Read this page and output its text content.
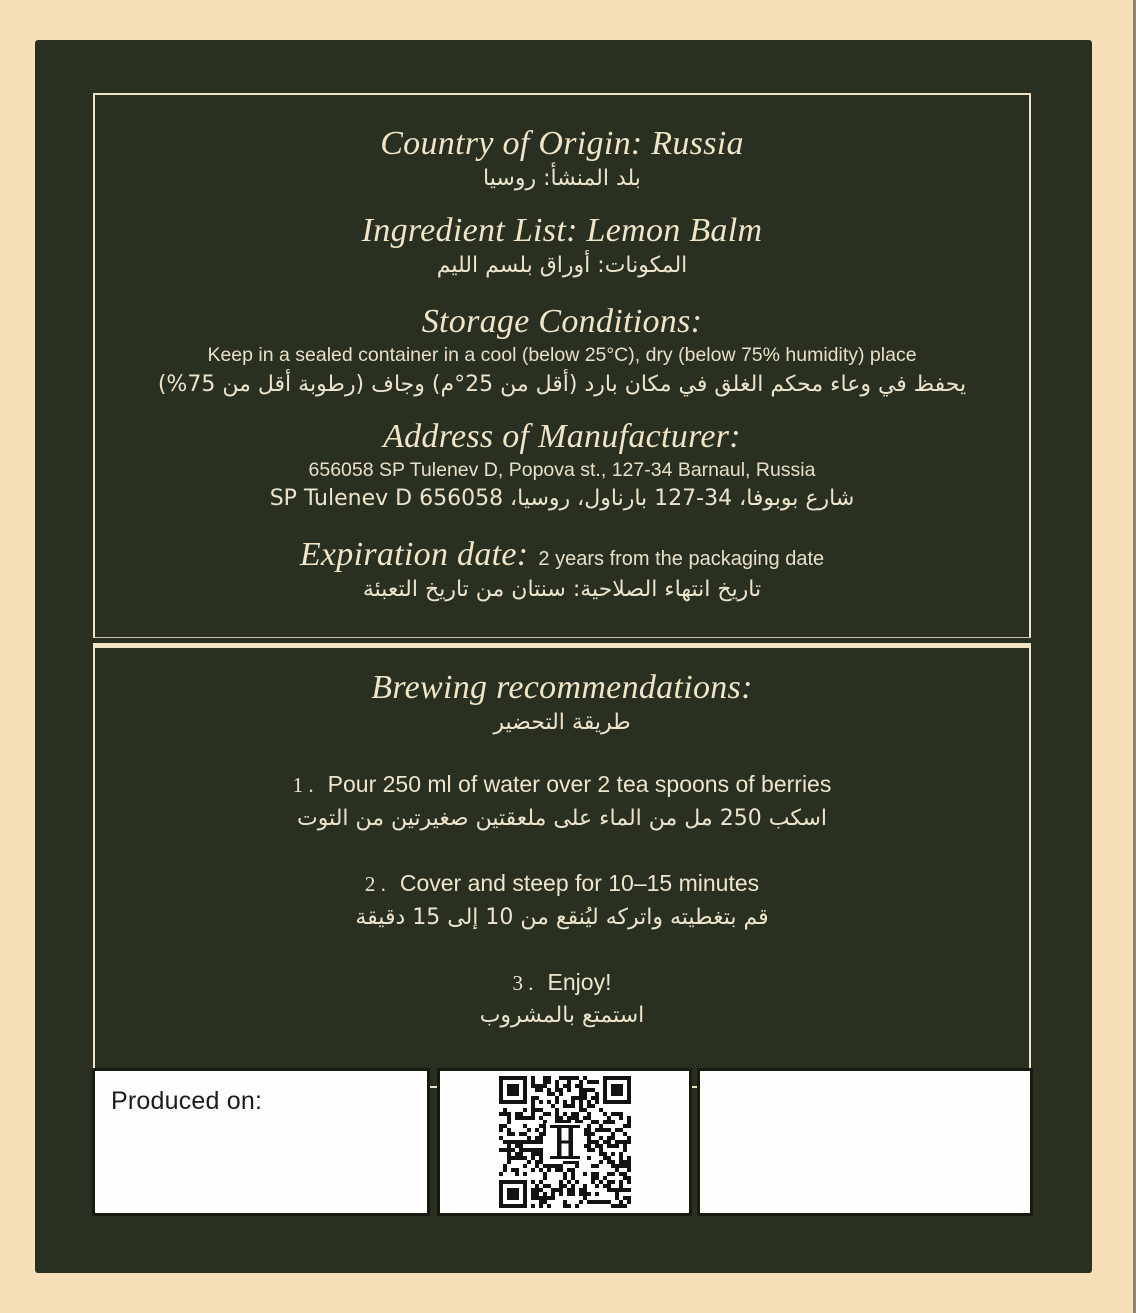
Country of Origin: Russia

بلد المنشأ: روسيا

Ingredient List: Lemon Balm

المكونات: أوراق بلسم الليم

Storage Conditions:

Keep in a sealed container in a cool (below 25°C), dry (below 75% humidity) place

يحفظ في وعاء محكم الغلق في مكان بارد (أقل من 25‏°م) وجاف (رطوبة أقل من 75‏%)

Address of Manufacturer:

656058 SP Tulenev D, Popova st., 127-34 Barnaul, Russia

شارع بوبوفا، 34-127 بارناول، روسيا، 656058 SP Tulenev D

Expiration date: 2 years from the packaging date

تاريخ انتهاء الصلاحية: سنتان من تاريخ التعبئة

Brewing recommendations:

طريقة التحضير

1 . Pour 250 ml of water over 2 tea spoons of berries

اسكب 250 مل من الماء على ملعقتين صغيرتين من التوت

2 . Cover and steep for 10–15 minutes

قم بتغطيته واتركه ليُنقع من 10 إلى 15 دقيقة

3 . Enjoy!

استمتع بالمشروب

Produced on:
